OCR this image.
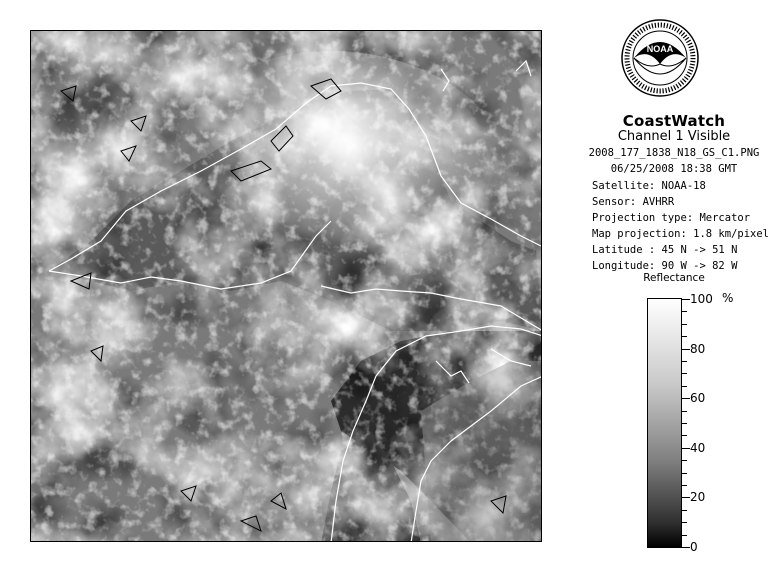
NOAA
CoastWatch
Channel 1 Visible
2008_177_1838_N18_GS_C1.PNG
06/25/2008 18:38 GMT
Satellite: NOAA-18
Sensor: AVHRR
Projection type: Mercator
Map projection: 1.8 km/pixel
Latitude : 45 N -> 51 N
Longitude: 90 W -> 82 W
Reflectance
%
100
80
60
40
20
0
